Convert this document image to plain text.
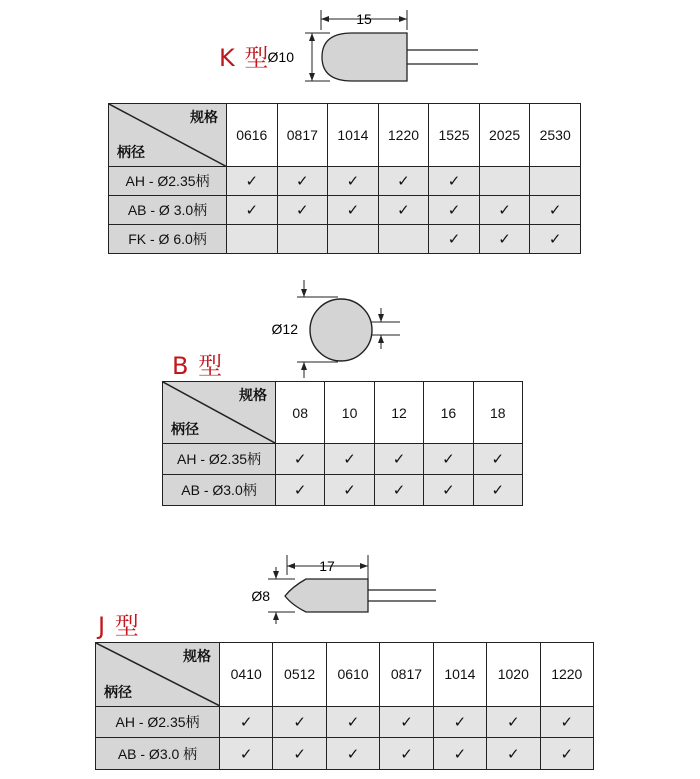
15
Ø10
K 型
规格
柄径	0616	0817	1014	1220	1525	2025	2530
AH - Ø2.35柄	✓	✓	✓	✓	✓		
AB - Ø 3.0柄	✓	✓	✓	✓	✓	✓	✓
FK - Ø 6.0柄					✓	✓	✓
Ø12
B 型
规格
柄径	08	10	12	16	18
AH - Ø2.35柄	✓	✓	✓	✓	✓
AB - Ø3.0柄	✓	✓	✓	✓	✓
17
Ø8
J 型
规格
柄径	0410	0512	0610	0817	1014	1020	1220
AH - Ø2.35柄	✓	✓	✓	✓	✓	✓	✓
AB - Ø3.0 柄	✓	✓	✓	✓	✓	✓	✓
